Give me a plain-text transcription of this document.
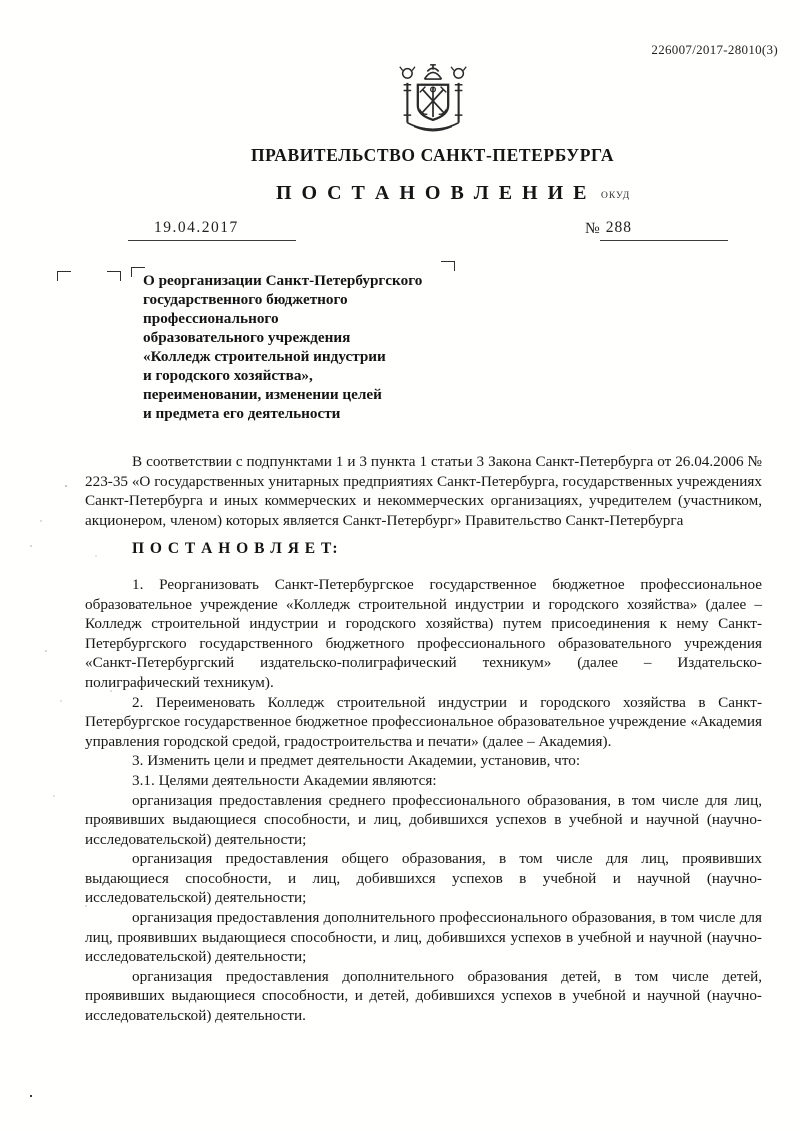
226007/2017-28010(3)
ПРАВИТЕЛЬСТВО САНКТ-ПЕТЕРБУРГА
П О С Т А Н О В Л Е Н И Е	ОКУД
19.04.2017	№ 288
О реорганизации Санкт-Петербургского
государственного бюджетного
профессионального
образовательного учреждения
«Колледж строительной индустрии
и городского хозяйства»,
переименовании, изменении целей
и предмета его деятельности

В соответствии с подпунктами 1 и 3 пункта 1 статьи 3 Закона Санкт-Петербурга от 26.04.2006 № 223-35 «О государственных унитарных предприятиях Санкт-Петербурга, государственных учреждениях Санкт-Петербурга и иных коммерческих и некоммерческих организациях, учредителем (участником, акционером, членом) которых является Санкт-Петербург» Правительство Санкт-Петербурга

П О С Т А Н О В Л Я Е Т:

1. Реорганизовать Санкт-Петербургское государственное бюджетное профессиональное образовательное учреждение «Колледж строительной индустрии и городского хозяйства» (далее – Колледж строительной индустрии и городского хозяйства) путем присоединения к нему Санкт-Петербургского государственного бюджетного профессионального образовательного учреждения «Санкт-Петербургский издательско-полиграфический техникум» (далее – Издательско-полиграфический техникум).

2. Переименовать Колледж строительной индустрии и городского хозяйства в Санкт-Петербургское государственное бюджетное профессиональное образовательное учреждение «Академия управления городской средой, градостроительства и печати» (далее – Академия).

3. Изменить цели и предмет деятельности Академии, установив, что:

3.1. Целями деятельности Академии являются:

организация предоставления среднего профессионального образования, в том числе для лиц, проявивших выдающиеся способности, и лиц, добившихся успехов в учебной и научной (научно-исследовательской) деятельности;

организация предоставления общего образования, в том числе для лиц, проявивших выдающиеся способности, и лиц, добившихся успехов в учебной и научной (научно-исследовательской) деятельности;

организация предоставления дополнительного профессионального образования, в том числе для лиц, проявивших выдающиеся способности, и лиц, добившихся успехов в учебной и научной (научно-исследовательской) деятельности;

организация предоставления дополнительного образования детей, в том числе детей, проявивших выдающиеся способности, и детей, добившихся успехов в учебной и научной (научно-исследовательской) деятельности.
